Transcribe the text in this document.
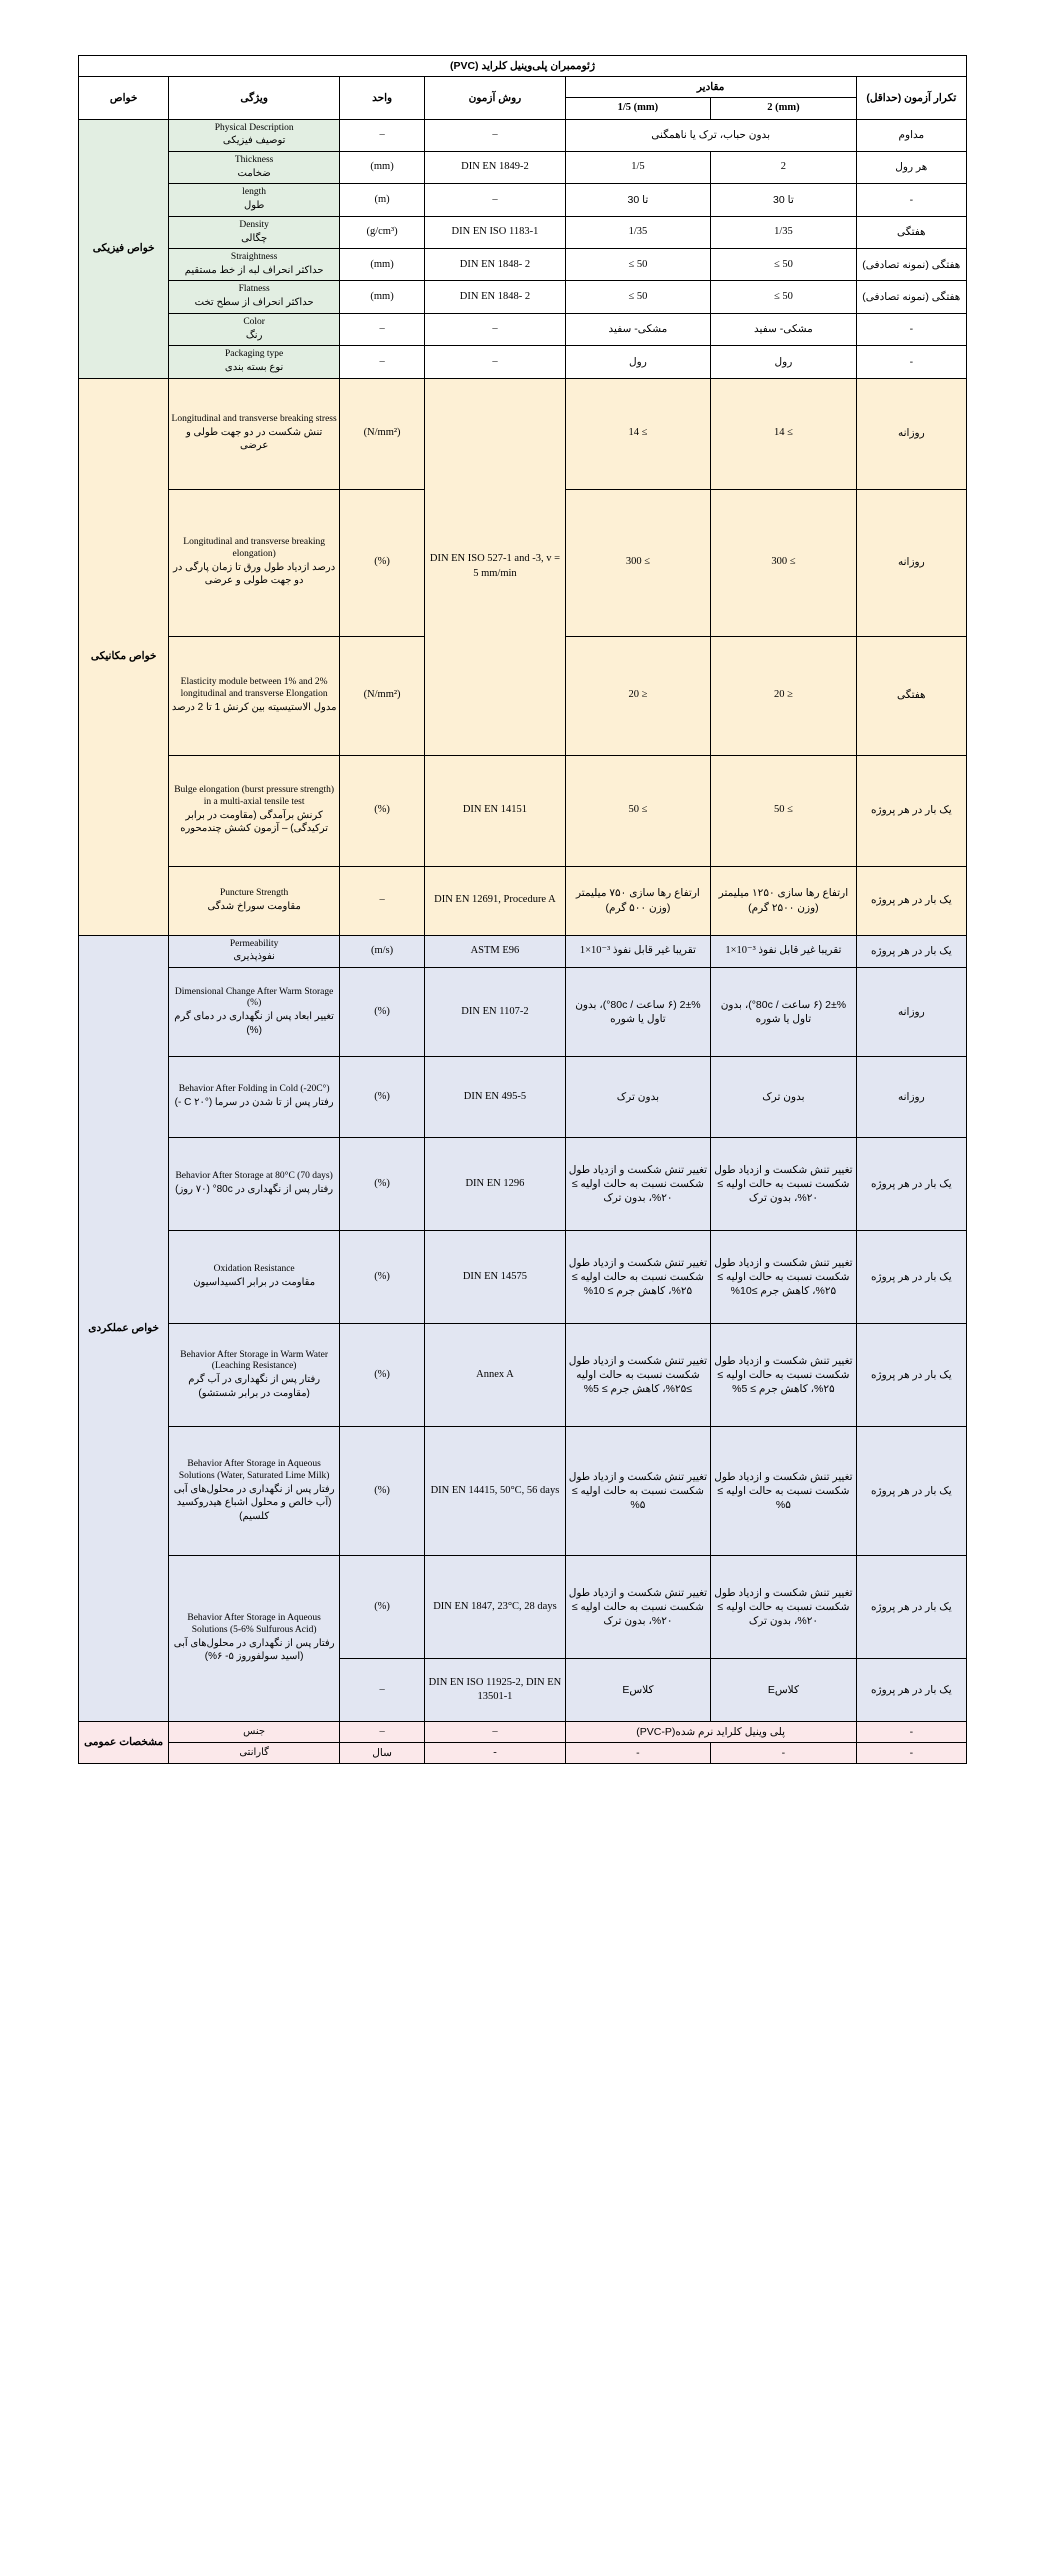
ژئوممبران پلی‌وینیل کلراید (PVC)						
تکرار آزمون (حداقل)	مقادیر		روش آزمون	واحد	ویژگی	خواص
	2 (mm)	1/5 (mm)				
مداوم	بدون حباب، ترک یا ناهمگنی		–	–	Physical Description
توصیف فیزیکی	خواص فیزیکی
هر رول	2	1/5	DIN EN 1849-2	(mm)	Thickness
ضخامت	

-	تا 30	تا 30	–	(m)	length
طول	

هفتگی	1/35	1/35	DIN EN ISO 1183-1	(g/cm³)	Density
چگالی	

هفتگی (نمونه تصادفی)	≤ 50	≤ 50	DIN EN 1848- 2	(mm)	Straightness
حداکثر انحراف لبه از خط مستقیم	

هفتگی (نمونه تصادفی)	≤ 50	≤ 50	DIN EN 1848- 2	(mm)	Flatness
حداکثر انحراف از سطح تخت	

-	مشکی- سفید	مشکی- سفید	–	–	Color
رنگ	

-	رول	رول	–	–	Packaging type
نوع بسته بندی	

روزانه	14 ≤	14 ≤	DIN EN ISO 527-1 and -3, v = 5 mm/min	(N/mm²)	Longitudinal and transverse breaking stress
تنش شکست در دو جهت طولی و عرضی	خواص مکانیکی
روزانه	300 ≤	300 ≤		(%)	Longitudinal and transverse breaking elongation)
درصد ازدیاد طول ورق تا زمان پارگی در دو جهت طولی و عرضی	

هفتگی	20 ≥	20 ≥		(N/mm²)	Elasticity module between 1% and 2% longitudinal and transverse Elongation
مدول الاستیسیته بین کرنش 1 تا 2 درصد	

یک بار در هر پروژه	50 ≤	50 ≤	DIN EN 14151	(%)	Bulge elongation (burst pressure strength) in a multi-axial tensile test
کرنش برآمدگی (مقاومت در برابر ترکیدگی) – آزمون کشش چندمحوره	

یک بار در هر پروژه	ارتفاع رها سازی ۱۲۵۰ میلیمتر (وزن ۲۵۰۰ گرم)	ارتفاع رها سازی ۷۵۰ میلیمتر (وزن ۵۰۰ گرم)	DIN EN 12691, Procedure A	–	Puncture Strength
مقاومت سوراخ شدگی	

یک بار در هر پروژه	1×10⁻³ تقریبا غیر قابل نفوذ	1×10⁻³ تقریبا غیر قابل نفوذ	ASTM E96	(m/s)	Permeability
نفوذپذیری	خواص عملکردی
روزانه	2±% (۶ ساعت / 80c°)، بدون تاول یا شوره	2±% (۶ ساعت / 80c°)، بدون تاول یا شوره	DIN EN 1107-2	(%)	Dimensional Change After Warm Storage (%)
تغییر ابعاد پس از نگهداری در دمای گرم (%)	

روزانه	بدون ترک	بدون ترک	DIN EN 495-5	(%)	Behavior After Folding in Cold (-20C°)
رفتار پس از تا شدن در سرما (°C ۲۰ -)	

یک بار در هر پروژه	تغییر تنش شکست و ازدیاد طول شکست نسبت به حالت اولیه ≥ ۲۰%، بدون ترک	تغییر تنش شکست و ازدیاد طول شکست نسبت به حالت اولیه ≥ ۲۰%، بدون ترک	DIN EN 1296	(%)	Behavior After Storage at 80°C (70 days)
رفتار پس از نگهداری در 80c° (۷۰ روز)	

یک بار در هر پروژه	تغییر تنش شکست و ازدیاد طول شکست نسبت به حالت اولیه ≥ ۲۵%، کاهش جرم ≥10%	تغییر تنش شکست و ازدیاد طول شکست نسبت به حالت اولیه ≥ ۲۵%، کاهش جرم ≥ 10%	DIN EN 14575	(%)	Oxidation Resistance
مقاومت در برابر اکسیداسیون	

یک بار در هر پروژه	تغییر تنش شکست و ازدیاد طول شکست نسبت به حالت اولیه ≥ ۲۵%، کاهش جرم ≥ 5%	تغییر تنش شکست و ازدیاد طول شکست نسبت به حالت اولیه ≥۲۵%، کاهش جرم ≥ 5%	Annex A	(%)	Behavior After Storage in Warm Water (Leaching Resistance)
رفتار پس از نگهداری در آب گرم (مقاومت در برابر شستشو)	

یک بار در هر پروژه	تغییر تنش شکست و ازدیاد طول شکست نسبت به حالت اولیه ≥ ۵%	تغییر تنش شکست و ازدیاد طول شکست نسبت به حالت اولیه ≥ ۵%	DIN EN 14415, 50°C, 56 days	(%)	Behavior After Storage in Aqueous Solutions (Water, Saturated Lime Milk)
رفتار پس از نگهداری در محلول‌های آبی (آب خالص و محلول اشباع هیدروکسید کلسیم)	

یک بار در هر پروژه	تغییر تنش شکست و ازدیاد طول شکست نسبت به حالت اولیه ≥ ۲۰%، بدون ترک	تغییر تنش شکست و ازدیاد طول شکست نسبت به حالت اولیه ≥ ۲۰%، بدون ترک	DIN EN 1847, 23°C, 28 days	(%)	Behavior After Storage in Aqueous Solutions (5-6% Sulfurous Acid)
رفتار پس از نگهداری در محلول‌های آبی (اسید سولفوروز ۵- ۶%)	

یک بار در هر پروژه	کلاس‌E	کلاس‌E	DIN EN ISO 11925-2, DIN EN 13501-1	–		
-	پلی وینیل کلراید نرم شده(PVC-P)		–	–	جنس	مشخصات عمومی
-	-	-	-	سال	گارانتی	
